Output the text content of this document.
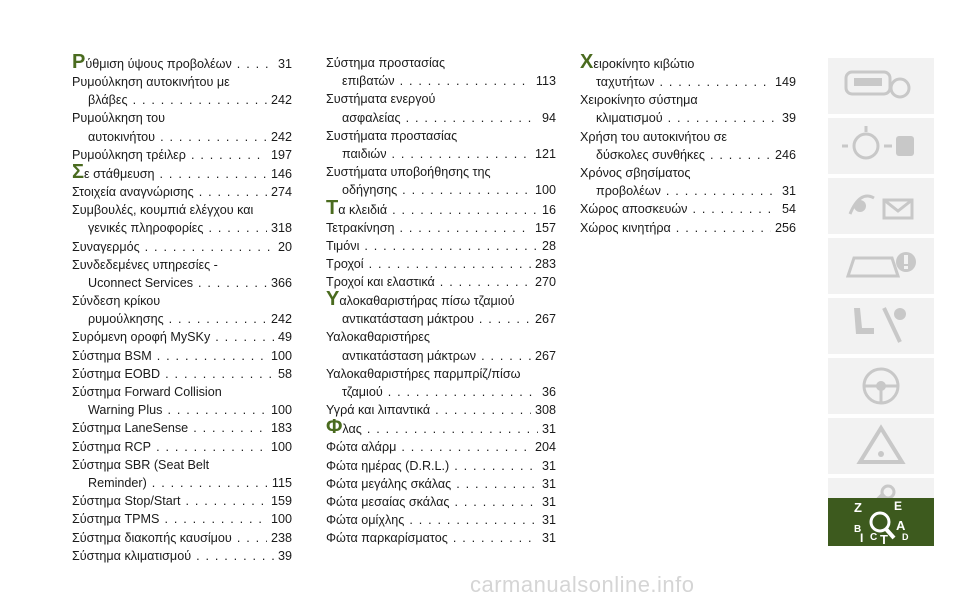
Ρύθμιση ύψους προβολέων . . .	31
Ρυμούλκηση αυτοκινήτου με
βλάβες . . .	242
Ρυμούλκηση του
αυτοκινήτου . . .	242
Ρυμούλκηση τρέιλερ . . .	197
Σε στάθμευση . . .	146
Στοιχεία αναγνώρισης . . .	274
Συμβουλές, κουμπιά ελέγχου και
γενικές πληροφορίες . . .	318
Συναγερμός . . .	20
Συνδεδεμένες υπηρεσίες -
Uconnect Services . . .	366
Σύνδεση κρίκου
ρυμούλκησης . . .	242
Συρόμενη οροφή MySKy . . .	49
Σύστημα BSM . . .	100
Σύστημα EOBD . . .	58
Σύστημα Forward Collision
Warning Plus . . .	100
Σύστημα LaneSense . . .	183
Σύστημα RCP . . .	100
Σύστημα SBR (Seat Belt
Reminder) . . .	115
Σύστημα Stop/Start . . .	159
Σύστημα TPMS . . .	100
Σύστημα διακοπής καυσίμου . . .	238
Σύστημα κλιματισμού . . .	39
Σύστημα προστασίας
επιβατών . . .	113
Συστήματα ενεργού
ασφαλείας . . .	94
Συστήματα προστασίας
παιδιών . . .	121
Συστήματα υποβοήθησης της
οδήγησης . . .	100
Τα κλειδιά . . .	16
Τετρακίνηση . . .	157
Τιμόνι . . .	28
Τροχοί . . .	283
Τροχοί και ελαστικά . . .	270
Υαλοκαθαριστήρας πίσω τζαμιού
αντικατάσταση μάκτρου . . .	267
Υαλοκαθαριστήρες
αντικατάσταση μάκτρων . . .	267
Υαλοκαθαριστήρες παρμπρίζ/πίσω
τζαμιού . . .	36
Υγρά και λιπαντικά . . .	308
Φλας . . .	31
Φώτα αλάρμ . . .	204
Φώτα ημέρας (D.R.L.) . . .	31
Φώτα μεγάλης σκάλας . . .	31
Φώτα μεσαίας σκάλας . . .	31
Φώτα ομίχλης . . .	31
Φώτα παρκαρίσματος . . .	31
Χειροκίνητο κιβώτιο
ταχυτήτων . . .	149
Χειροκίνητο σύστημα
κλιματισμού . . .	39
Χρήση του αυτοκινήτου σε
δύσκολες συνθήκες . . .	246
Χρόνος σβησίματος
προβολέων . . .	31
Χώρος αποσκευών . . .	54
Χώρος κινητήρα . . .	256
Z	E
B	A
I C T D
carmanualsonline.info
